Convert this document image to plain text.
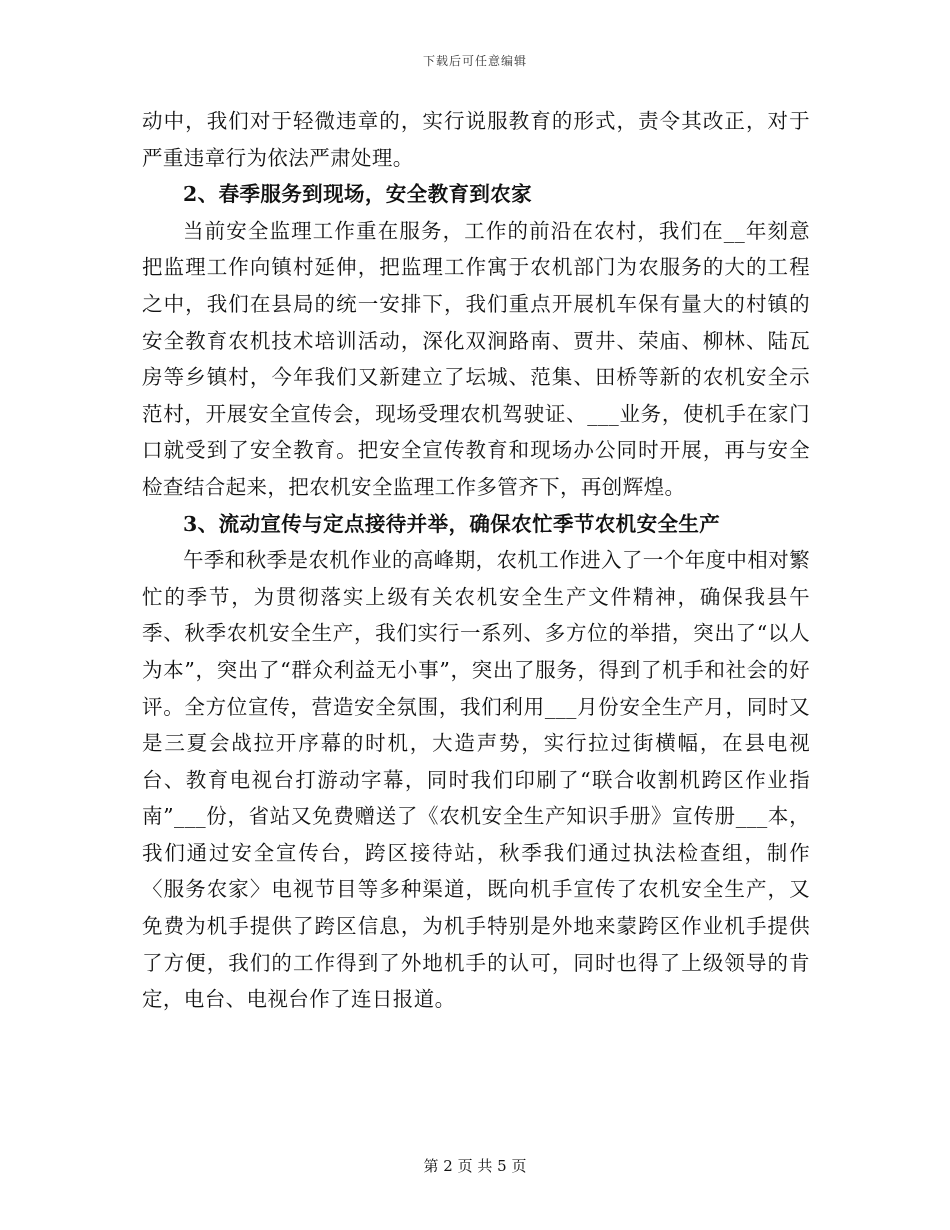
下载后可任意编辑

动中，我们对于轻微违章的，实行说服教育的形式，责令其改正，对于严重违章行为依法严肃处理。

2、春季服务到现场，安全教育到农家

当前安全监理工作重在服务，工作的前沿在农村，我们在__年刻意把监理工作向镇村延伸，把监理工作寓于农机部门为农服务的大的工程之中，我们在县局的统一安排下，我们重点开展机车保有量大的村镇的安全教育农机技术培训活动，深化双涧路南、贾井、荣庙、柳林、陆瓦房等乡镇村，今年我们又新建立了坛城、范集、田桥等新的农机安全示范村，开展安全宣传会，现场受理农机驾驶证、___业务，使机手在家门口就受到了安全教育。把安全宣传教育和现场办公同时开展，再与安全检查结合起来，把农机安全监理工作多管齐下，再创辉煌。

3、流动宣传与定点接待并举，确保农忙季节农机安全生产

午季和秋季是农机作业的高峰期，农机工作进入了一个年度中相对繁忙的季节，为贯彻落实上级有关农机安全生产文件精神，确保我县午季、秋季农机安全生产，我们实行一系列、多方位的举措，突出了“以人为本”，突出了“群众利益无小事”，突出了服务，得到了机手和社会的好评。全方位宣传，营造安全氛围，我们利用___月份安全生产月，同时又是三夏会战拉开序幕的时机，大造声势，实行拉过街横幅，在县电视台、教育电视台打游动字幕，同时我们印刷了“联合收割机跨区作业指南”___份，省站又免费赠送了《农机安全生产知识手册》宣传册___本，我们通过安全宣传台，跨区接待站，秋季我们通过执法检查组，制作〈服务农家〉电视节目等多种渠道，既向机手宣传了农机安全生产，又免费为机手提供了跨区信息，为机手特别是外地来蒙跨区作业机手提供了方便，我们的工作得到了外地机手的认可，同时也得了上级领导的肯定，电台、电视台作了连日报道。

第 2 页 共 5 页
